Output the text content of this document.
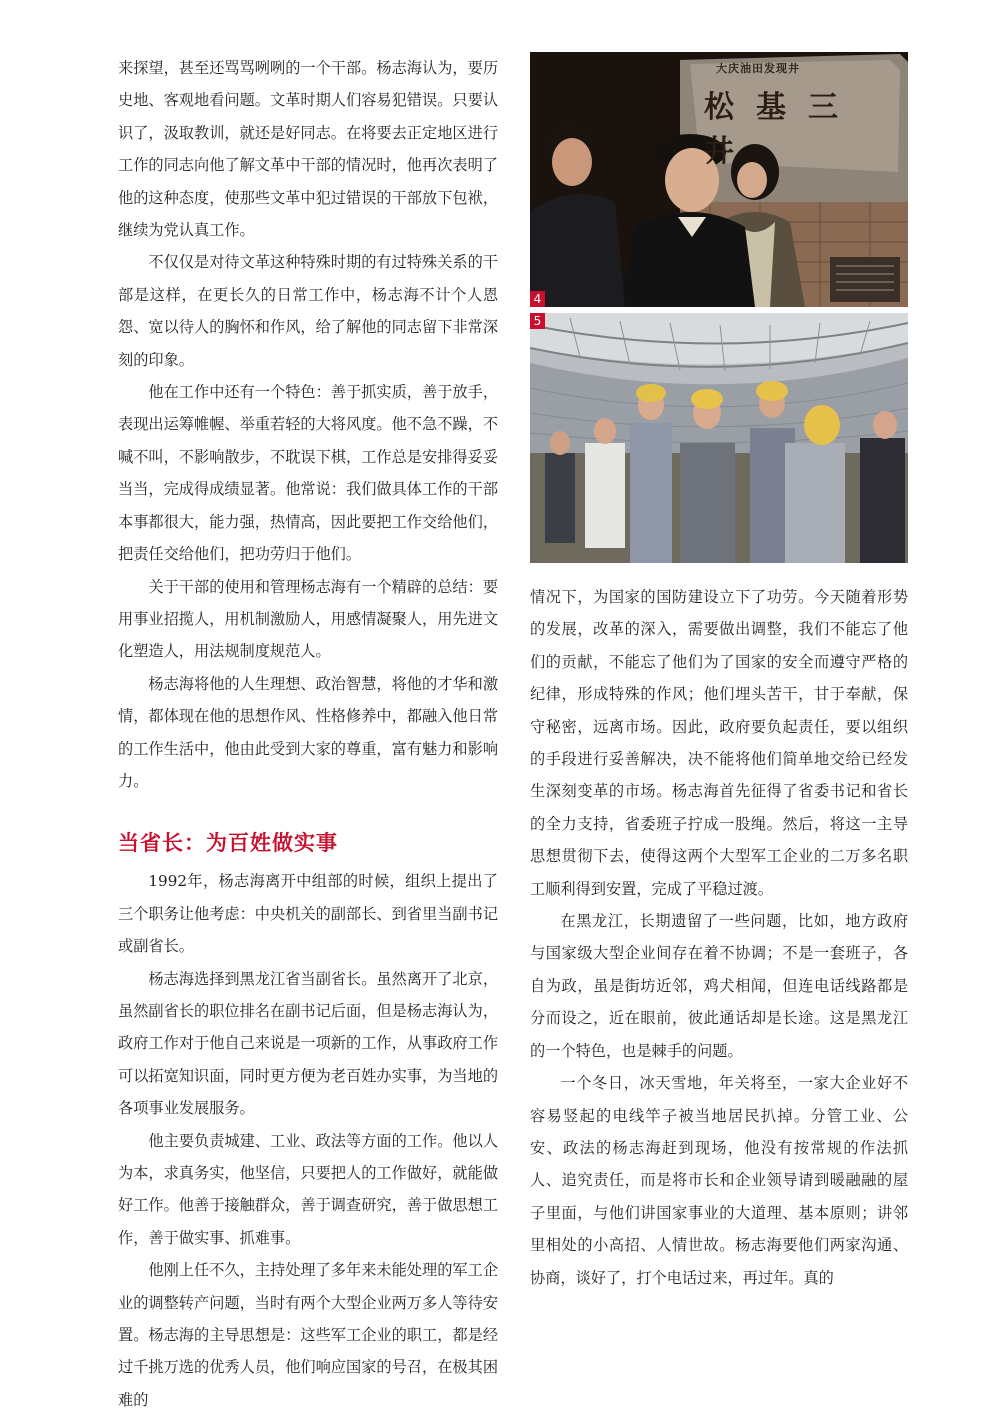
来探望，甚至还骂骂咧咧的一个干部。杨志海认为，要历史地、客观地看问题。文革时期人们容易犯错误。只要认识了，汲取教训，就还是好同志。在将要去正定地区进行工作的同志向他了解文革中干部的情况时，他再次表明了他的这种态度，使那些文革中犯过错误的干部放下包袱，继续为党认真工作。

不仅仅是对待文革这种特殊时期的有过特殊关系的干部是这样，在更长久的日常工作中，杨志海不计个人恩怨、宽以待人的胸怀和作风，给了解他的同志留下非常深刻的印象。

他在工作中还有一个特色：善于抓实质，善于放手，表现出运筹帷幄、举重若轻的大将风度。他不急不躁，不喊不叫，不影响散步，不耽误下棋，工作总是安排得妥妥当当，完成得成绩显著。他常说：我们做具体工作的干部本事都很大，能力强，热情高，因此要把工作交给他们，把责任交给他们，把功劳归于他们。

关于干部的使用和管理杨志海有一个精辟的总结：要用事业招揽人，用机制激励人，用感情凝聚人，用先进文化塑造人，用法规制度规范人。

杨志海将他的人生理想、政治智慧，将他的才华和激情，都体现在他的思想作风、性格修养中，都融入他日常的工作生活中，他由此受到大家的尊重，富有魅力和影响力。

当省长：为百姓做实事

1992年，杨志海离开中组部的时候，组织上提出了三个职务让他考虑：中央机关的副部长、到省里当副书记或副省长。

杨志海选择到黑龙江省当副省长。虽然离开了北京，虽然副省长的职位排名在副书记后面，但是杨志海认为，政府工作对于他自己来说是一项新的工作，从事政府工作可以拓宽知识面，同时更方便为老百姓办实事，为当地的各项事业发展服务。

他主要负责城建、工业、政法等方面的工作。他以人为本，求真务实，他坚信，只要把人的工作做好，就能做好工作。他善于接触群众，善于调查研究，善于做思想工作，善于做实事、抓难事。

他刚上任不久，主持处理了多年来未能处理的军工企业的调整转产问题，当时有两个大型企业两万多人等待安置。杨志海的主导思想是：这些军工企业的职工，都是经过千挑万选的优秀人员，他们响应国家的号召，在极其困难的

大庆油田发现井
松基三井
4
5

情况下，为国家的国防建设立下了功劳。今天随着形势的发展，改革的深入，需要做出调整，我们不能忘了他们的贡献，不能忘了他们为了国家的安全而遵守严格的纪律，形成特殊的作风；他们埋头苦干，甘于奉献，保守秘密，远离市场。因此，政府要负起责任，要以组织的手段进行妥善解决，决不能将他们简单地交给已经发生深刻变革的市场。杨志海首先征得了省委书记和省长的全力支持，省委班子拧成一股绳。然后，将这一主导思想贯彻下去，使得这两个大型军工企业的二万多名职工顺利得到安置，完成了平稳过渡。

在黑龙江，长期遗留了一些问题，比如，地方政府与国家级大型企业间存在着不协调；不是一套班子，各自为政，虽是街坊近邻，鸡犬相闻，但连电话线路都是分而设之，近在眼前，彼此通话却是长途。这是黑龙江的一个特色，也是棘手的问题。

一个冬日，冰天雪地，年关将至，一家大企业好不容易竖起的电线竿子被当地居民扒掉。分管工业、公安、政法的杨志海赶到现场，他没有按常规的作法抓人、追究责任，而是将市长和企业领导请到暖融融的屋子里面，与他们讲国家事业的大道理、基本原则；讲邻里相处的小高招、人情世故。杨志海要他们两家沟通、协商，谈好了，打个电话过来，再过年。真的
